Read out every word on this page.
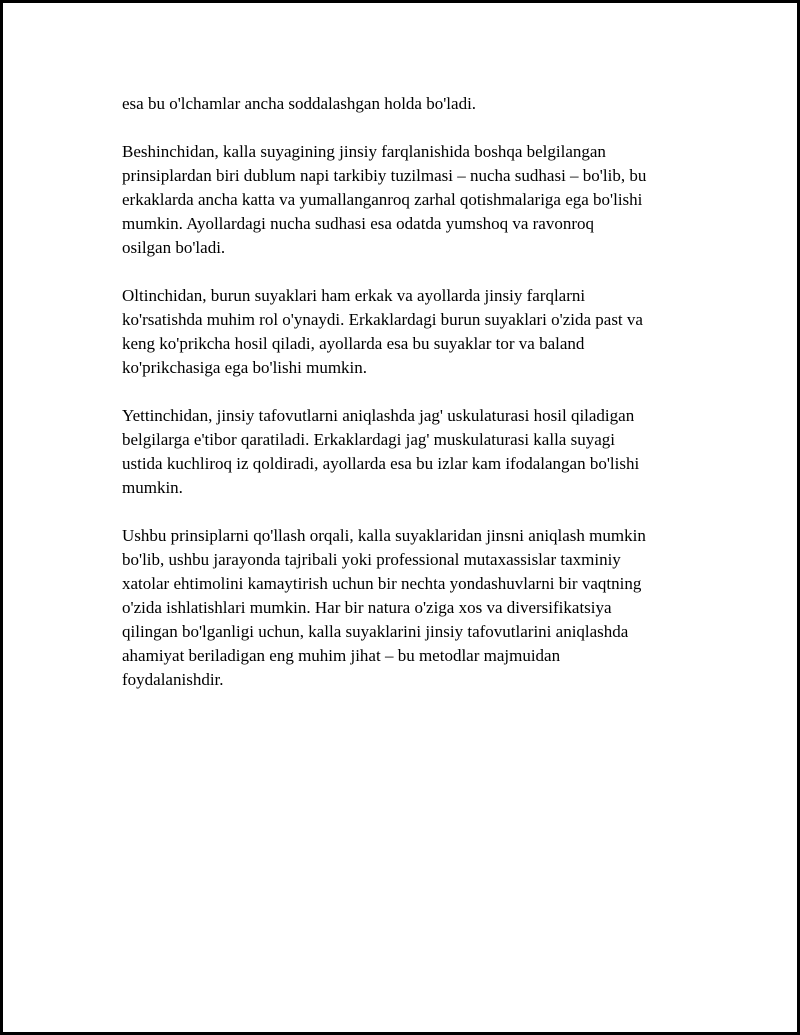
esa bu o'lchamlar ancha soddalashgan holda bo'ladi.

Beshinchidan, kalla suyagining jinsiy farqlanishida boshqa belgilangan
prinsiplardan biri dublum napi tarkibiy tuzilmasi – nucha sudhasi – bo'lib, bu
erkaklarda ancha katta va yumallanganroq zarhal qotishmalariga ega bo'lishi
mumkin. Ayollardagi nucha sudhasi esa odatda yumshoq va ravonroq
osilgan bo'ladi.

Oltinchidan, burun suyaklari ham erkak va ayollarda jinsiy farqlarni
ko'rsatishda muhim rol o'ynaydi. Erkaklardagi burun suyaklari o'zida past va
keng ko'prikcha hosil qiladi, ayollarda esa bu suyaklar tor va baland
ko'prikchasiga ega bo'lishi mumkin.

Yettinchidan, jinsiy tafovutlarni aniqlashda jag' uskulaturasi hosil qiladigan
belgilarga e'tibor qaratiladi. Erkaklardagi jag' muskulaturasi kalla suyagi
ustida kuchliroq iz qoldiradi, ayollarda esa bu izlar kam ifodalangan bo'lishi
mumkin.

Ushbu prinsiplarni qo'llash orqali, kalla suyaklaridan jinsni aniqlash mumkin
bo'lib, ushbu jarayonda tajribali yoki professional mutaxassislar taxminiy
xatolar ehtimolini kamaytirish uchun bir nechta yondashuvlarni bir vaqtning
o'zida ishlatishlari mumkin. Har bir natura o'ziga xos va diversifikatsiya
qilingan bo'lganligi uchun, kalla suyaklarini jinsiy tafovutlarini aniqlashda
ahamiyat beriladigan eng muhim jihat – bu metodlar majmuidan
foydalanishdir.
